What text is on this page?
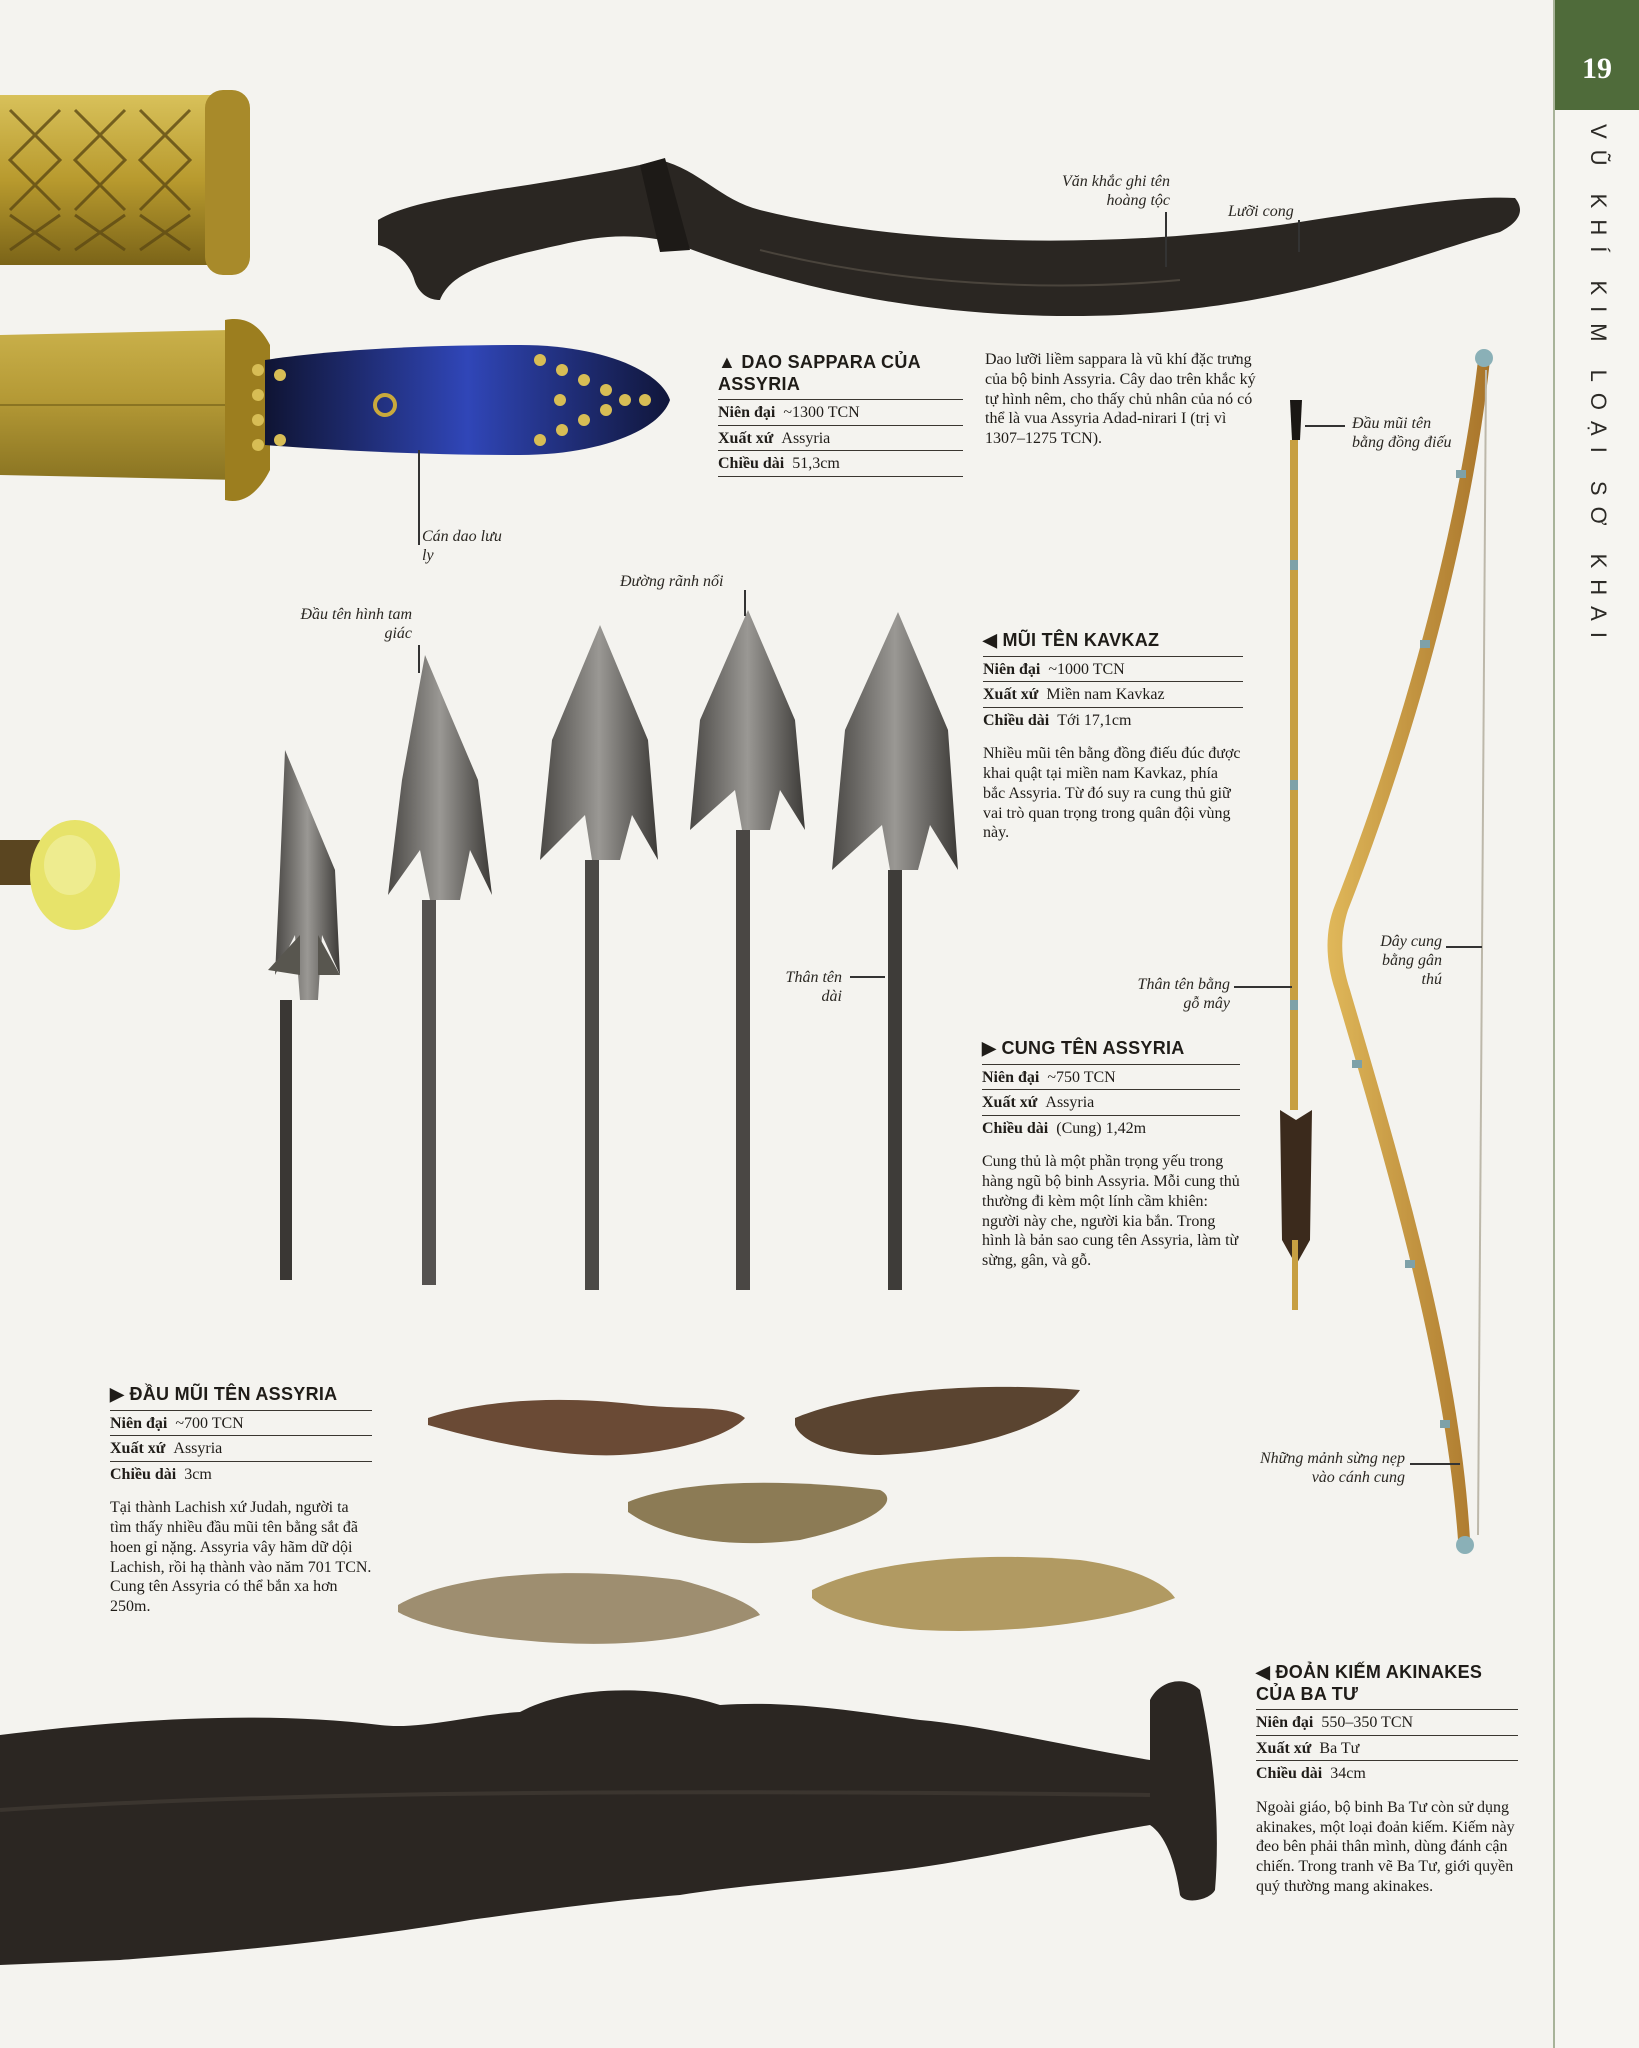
Văn khắc ghi tên hoàng tộc
Lưỡi cong
Cán dao lưu ly
Đầu tên hình tam giác
Đường rãnh nổi
Thân tên dài
Đầu mũi tên bằng đồng điếu
Thân tên bằng gỗ mây
Dây cung bằng gân thú
Những mảnh sừng nẹp vào cánh cung
▲ DAO SAPPARA CỦA ASSYRIA
Niên đại ~1300 TCN
Xuất xứ Assyria
Chiều dài 51,3cm
Dao lưỡi liềm sappara là vũ khí đặc trưng của bộ binh Assyria. Cây dao trên khắc ký tự hình nêm, cho thấy chủ nhân của nó có thể là vua Assyria Adad-nirari I (trị vì 1307–1275 TCN).
◀ MŨI TÊN KAVKAZ
Niên đại ~1000 TCN
Xuất xứ Miền nam Kavkaz
Chiều dài Tới 17,1cm
Nhiều mũi tên bằng đồng điếu đúc được khai quật tại miền nam Kavkaz, phía bắc Assyria. Từ đó suy ra cung thủ giữ vai trò quan trọng trong quân đội vùng này.
▶ CUNG TÊN ASSYRIA
Niên đại ~750 TCN
Xuất xứ Assyria
Chiều dài (Cung) 1,42m
Cung thủ là một phần trọng yếu trong hàng ngũ bộ binh Assyria. Mỗi cung thủ thường đi kèm một lính cầm khiên: người này che, người kia bắn. Trong hình là bản sao cung tên Assyria, làm từ sừng, gân, và gỗ.
▶ ĐẦU MŨI TÊN ASSYRIA
Niên đại ~700 TCN
Xuất xứ Assyria
Chiều dài 3cm
Tại thành Lachish xứ Judah, người ta tìm thấy nhiều đầu mũi tên bằng sắt đã hoen gỉ nặng. Assyria vây hãm dữ dội Lachish, rồi hạ thành vào năm 701 TCN. Cung tên Assyria có thể bắn xa hơn 250m.
◀ ĐOẢN KIẾM AKINAKES CỦA BA TƯ
Niên đại 550–350 TCN
Xuất xứ Ba Tư
Chiều dài 34cm
Ngoài giáo, bộ binh Ba Tư còn sử dụng akinakes, một loại đoản kiếm. Kiếm này đeo bên phải thân mình, dùng đánh cận chiến. Trong tranh vẽ Ba Tư, giới quyền quý thường mang akinakes.
19
VŨ KHÍ KIM LOẠI SƠ KHAI
